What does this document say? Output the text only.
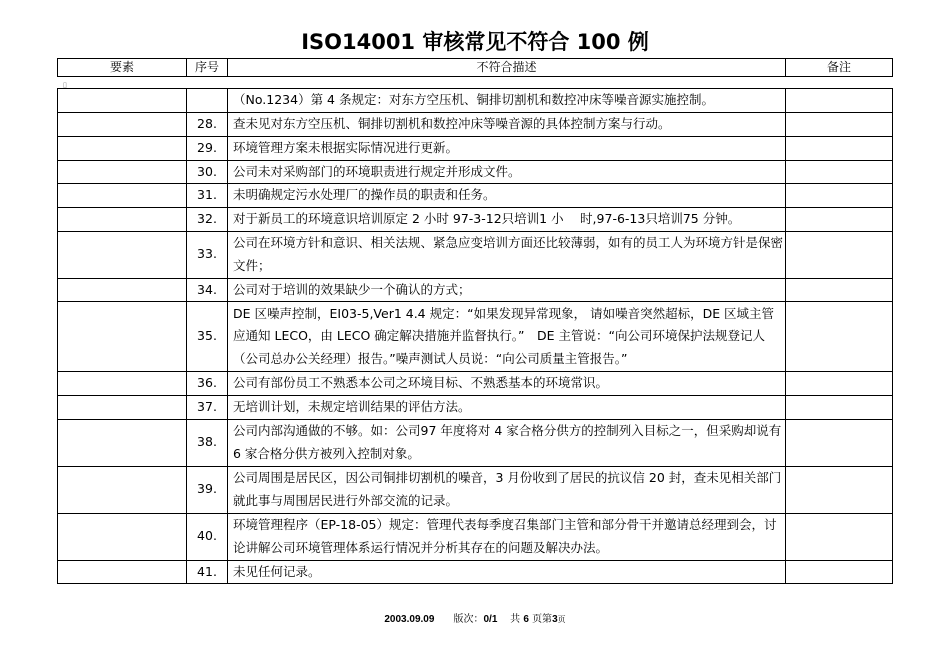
ISO14001 审核常见不符合 100 例
要素	序号	不符合描述	备注
▯
		（No.1234）第 4 条规定：对东方空压机、铜排切割机和数控冲床等噪音源实施控制。	
	28.	查未见对东方空压机、铜排切割机和数控冲床等噪音源的具体控制方案与行动。	
	29.	环境管理方案未根据实际情况进行更新。	
	30.	公司未对采购部门的环境职责进行规定并形成文件。	
	31.	未明确规定污水处理厂的操作员的职责和任务。	
	32.	对于新员工的环境意识培训原定 2 小时 97-3-12只培训1 小　 时,97-6-13只培训75 分钟。	
	33.	公司在环境方针和意识、相关法规、紧急应变培训方面还比较薄弱，如有的员工人为环境方针是保密文件；	
	34.	公司对于培训的效果缺少一个确认的方式；	
	35.	DE 区噪声控制，EI03-5,Ver1 4.4 规定：“如果发现异常现象， 请如噪音突然超标，DE 区域主管应通知 LECO，由 LECO 确定解决措施并监督执行。”　DE 主管说：“向公司环境保护法规登记人（公司总办公关经理）报告。”噪声测试人员说：“向公司质量主管报告。”	
	36.	公司有部份员工不熟悉本公司之环境目标、不熟悉基本的环境常识。	
	37.	无培训计划，未规定培训结果的评估方法。	
	38.	公司内部沟通做的不够。如：公司97 年度将对 4 家合格分供方的控制列入目标之一，但采购却说有 6 家合格分供方被列入控制对象。	
	39.	公司周围是居民区，因公司铜排切割机的噪音，3 月份收到了居民的抗议信 20 封，查未见相关部门就此事与周围居民进行外部交流的记录。	
	40.	环境管理程序（EP-18-05）规定：管理代表每季度召集部门主管和部分骨干并邀请总经理到会，讨论讲解公司环境管理体系运行情况并分析其存在的问题及解决办法。	
	41.	未见任何记录。	
2003.09.09 版次：0/1 共 6 页第3页
